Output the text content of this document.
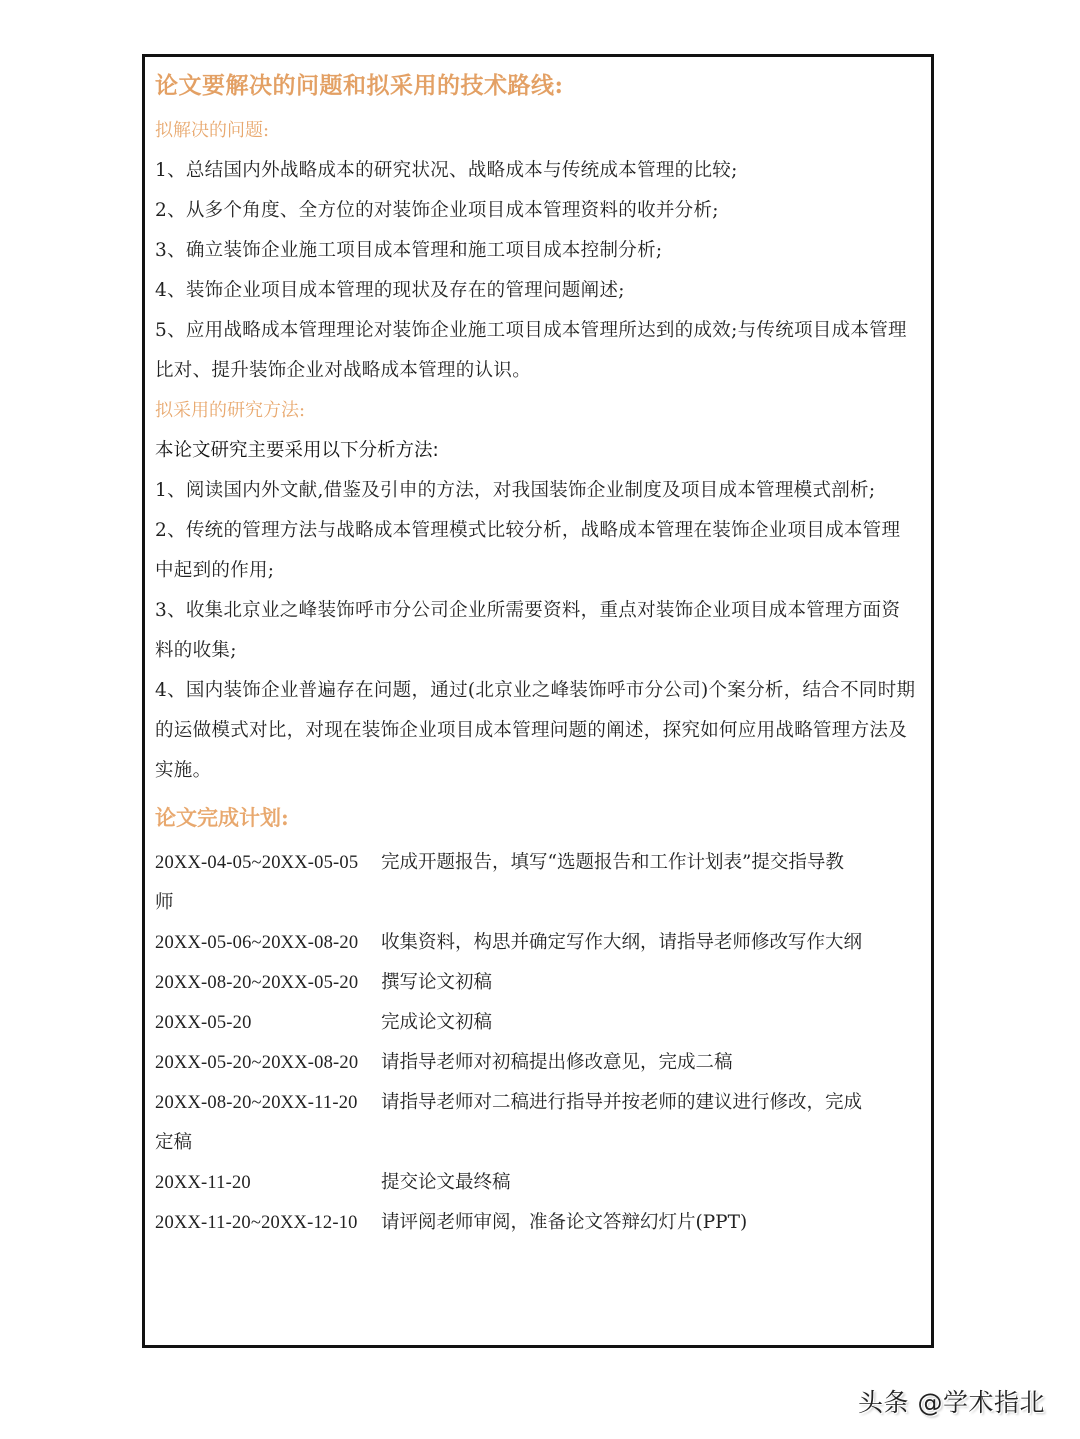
论文要解决的问题和拟采用的技术路线:
拟解决的问题:
1、总结国内外战略成本的研究状况、战略成本与传统成本管理的比较;
2、从多个角度、全方位的对装饰企业项目成本管理资料的收并分析;
3、确立装饰企业施工项目成本管理和施工项目成本控制分析;
4、装饰企业项目成本管理的现状及存在的管理问题阐述;
5、应用战略成本管理理论对装饰企业施工项目成本管理所达到的成效;与传统项目成本管理比对、提升装饰企业对战略成本管理的认识。
拟采用的研究方法:
本论文研究主要采用以下分析方法:
1、阅读国内外文献,借鉴及引申的方法，对我国装饰企业制度及项目成本管理模式剖析;
2、传统的管理方法与战略成本管理模式比较分析，战略成本管理在装饰企业项目成本管理中起到的作用;
3、收集北京业之峰装饰呼市分公司企业所需要资料，重点对装饰企业项目成本管理方面资料的收集;
4、国内装饰企业普遍存在问题，通过(北京业之峰装饰呼市分公司)个案分析，结合不同时期的运做模式对比，对现在装饰企业项目成本管理问题的阐述，探究如何应用战略管理方法及实施。
论文完成计划:
20XX-04-05~20XX-05-05	完成开题报告，填写“选题报告和工作计划表”提交指导教
师
20XX-05-06~20XX-08-20	收集资料，构思并确定写作大纲，请指导老师修改写作大纲
20XX-08-20~20XX-05-20	撰写论文初稿
20XX-05-20	完成论文初稿
20XX-05-20~20XX-08-20	请指导老师对初稿提出修改意见，完成二稿
20XX-08-20~20XX-11-20	请指导老师对二稿进行指导并按老师的建议进行修改，完成
定稿
20XX-11-20	提交论文最终稿
20XX-11-20~20XX-12-10	请评阅老师审阅，准备论文答辩幻灯片(PPT)
头条 @学术指北
